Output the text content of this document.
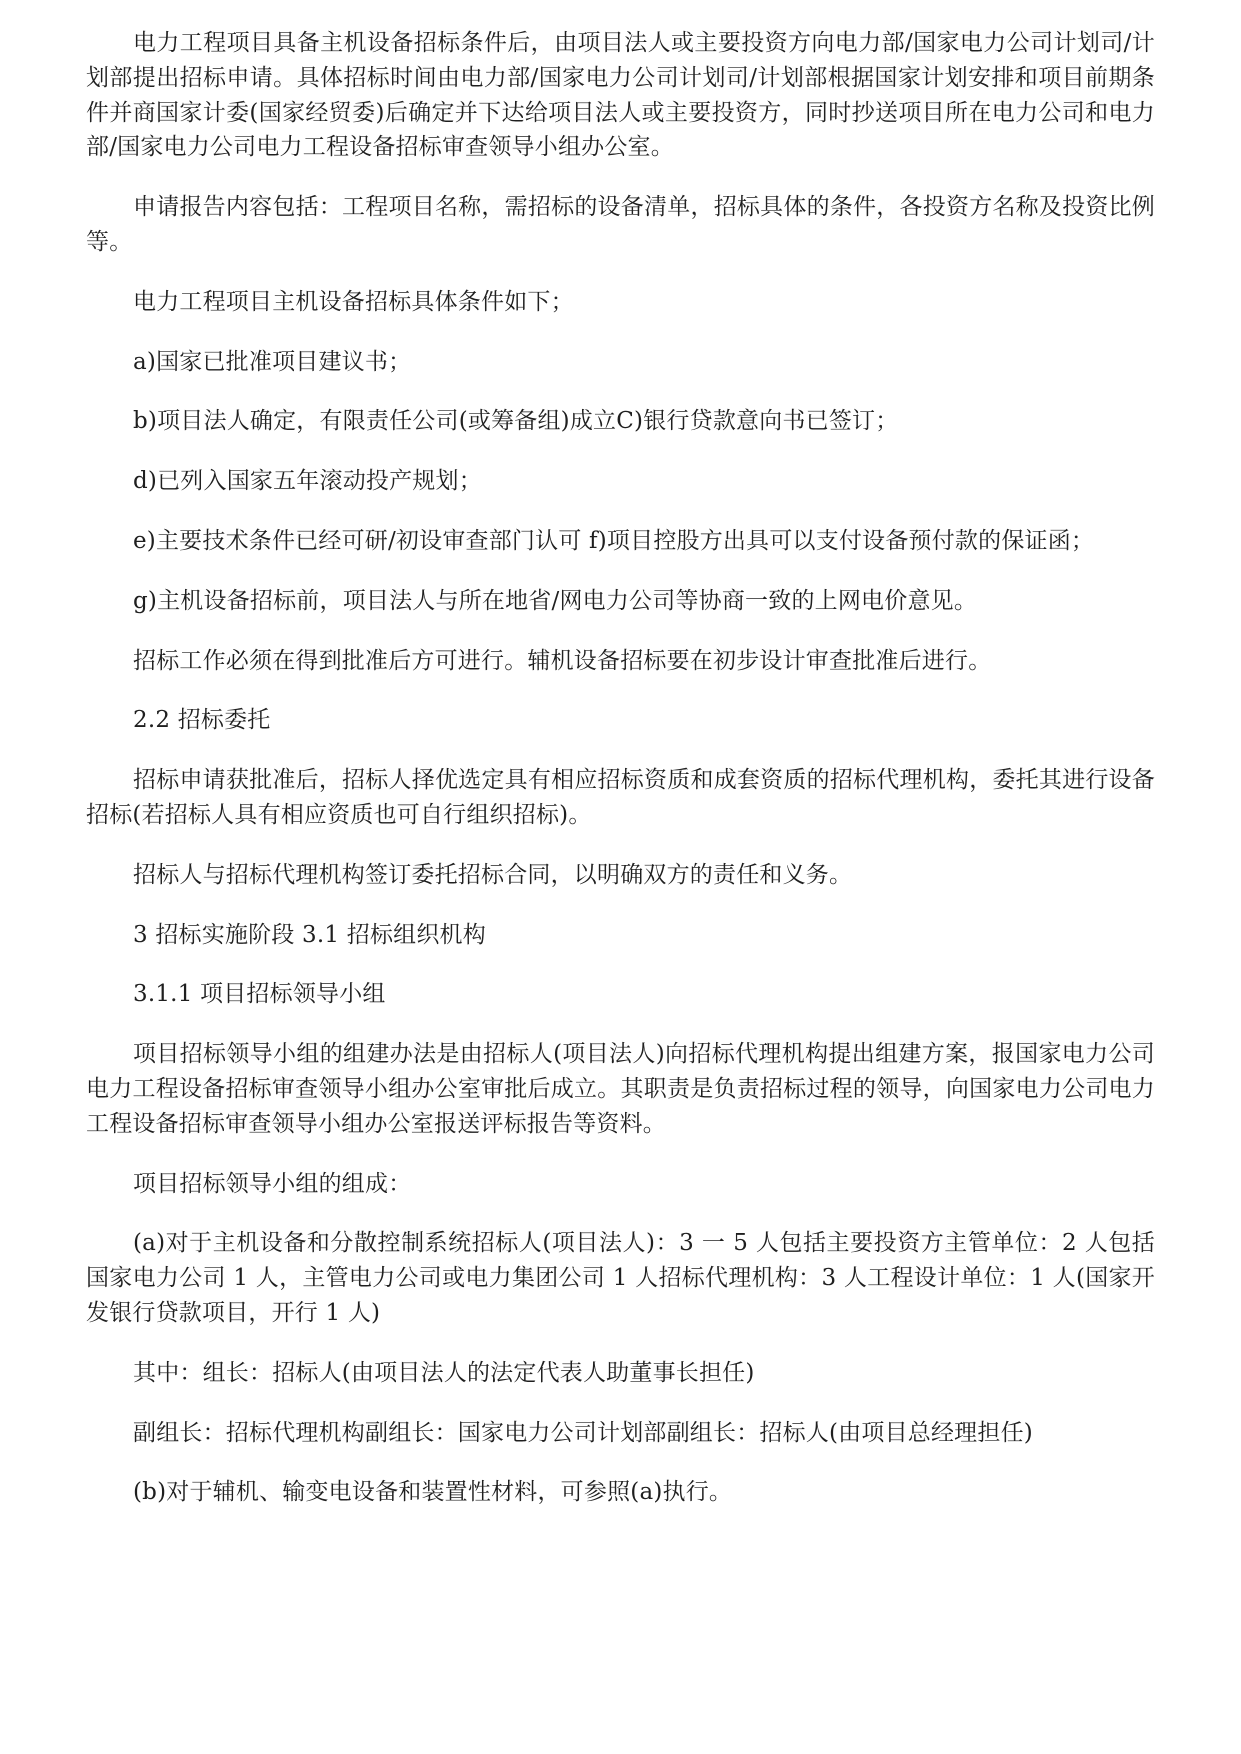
电力工程项目具备主机设备招标条件后，由项目法人或主要投资方向电力部/国家电力公司计划司/计划部提出招标申请。具体招标时间由电力部/国家电力公司计划司/计划部根据国家计划安排和项目前期条件并商国家计委(国家经贸委)后确定并下达给项目法人或主要投资方，同时抄送项目所在电力公司和电力部/国家电力公司电力工程设备招标审查领导小组办公室。

申请报告内容包括：工程项目名称，需招标的设备清单，招标具体的条件，各投资方名称及投资比例等。

电力工程项目主机设备招标具体条件如下；

a)国家已批准项目建议书；

b)项目法人确定，有限责任公司(或筹备组)成立C)银行贷款意向书已签订；

d)已列入国家五年滚动投产规划；

e)主要技术条件已经可研/初设审查部门认可 f)项目控股方出具可以支付设备预付款的保证函；

g)主机设备招标前，项目法人与所在地省/网电力公司等协商一致的上网电价意见。

招标工作必须在得到批准后方可进行。辅机设备招标要在初步设计审查批准后进行。

2.2 招标委托

招标申请获批准后，招标人择优选定具有相应招标资质和成套资质的招标代理机构，委托其进行设备招标(若招标人具有相应资质也可自行组织招标)。

招标人与招标代理机构签订委托招标合同，以明确双方的责任和义务。

3 招标实施阶段 3.1 招标组织机构

3.1.1 项目招标领导小组

项目招标领导小组的组建办法是由招标人(项目法人)向招标代理机构提出组建方案，报国家电力公司电力工程设备招标审查领导小组办公室审批后成立。其职责是负责招标过程的领导，向国家电力公司电力工程设备招标审查领导小组办公室报送评标报告等资料。

项目招标领导小组的组成：

(a)对于主机设备和分散控制系统招标人(项目法人)：3 一 5 人包括主要投资方主管单位：2 人包括国家电力公司 1 人，主管电力公司或电力集团公司 1 人招标代理机构：3 人工程设计单位：1 人(国家开发银行贷款项目，开行 1 人)

其中：组长：招标人(由项目法人的法定代表人助董事长担任)

副组长：招标代理机构副组长：国家电力公司计划部副组长：招标人(由项目总经理担任)

(b)对于辅机、输变电设备和装置性材料，可参照(a)执行。
